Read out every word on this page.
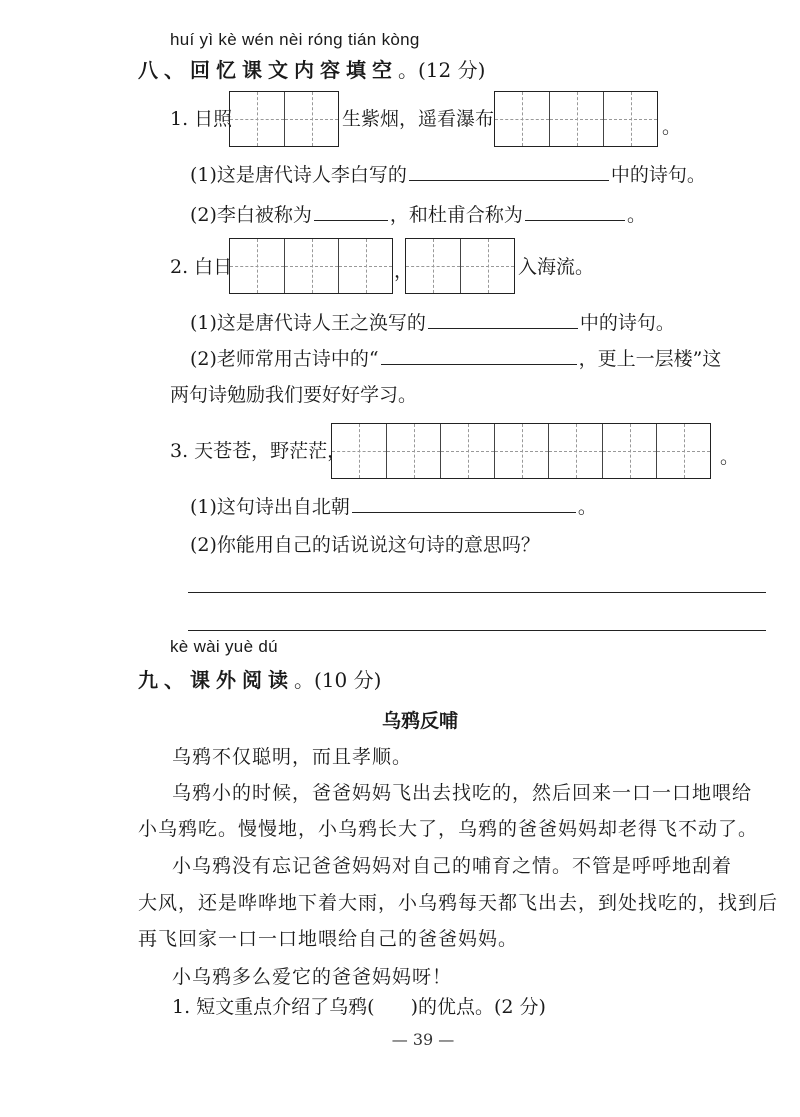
huí yì kè wén nèi róng tián kòng
八、回忆课文内容填空。(12 分)
1. 日照	生紫烟，遥看瀑布	。
(1)这是唐代诗人李白写的	中的诗句。
(2)李白被称为	，和杜甫合称为	。
2. 白日	，	入海流。
(1)这是唐代诗人王之涣写的	中的诗句。
(2)老师常用古诗中的“	，更上一层楼”这
两句诗勉励我们要好好学习。
3. 天苍苍，野茫茫，	。
(1)这句诗出自北朝	。
(2)你能用自己的话说说这句诗的意思吗？
kè wài yuè dú
九、课外阅读。(10 分)
乌鸦反哺
乌鸦不仅聪明，而且孝顺。
乌鸦小的时候，爸爸妈妈飞出去找吃的，然后回来一口一口地喂给
小乌鸦吃。慢慢地，小乌鸦长大了，乌鸦的爸爸妈妈却老得飞不动了。
小乌鸦没有忘记爸爸妈妈对自己的哺育之情。不管是呼呼地刮着
大风，还是哗哗地下着大雨，小乌鸦每天都飞出去，到处找吃的，找到后
再飞回家一口一口地喂给自己的爸爸妈妈。
小乌鸦多么爱它的爸爸妈妈呀！
1. 短文重点介绍了乌鸦( )的优点。(2 分)
— 39 —
